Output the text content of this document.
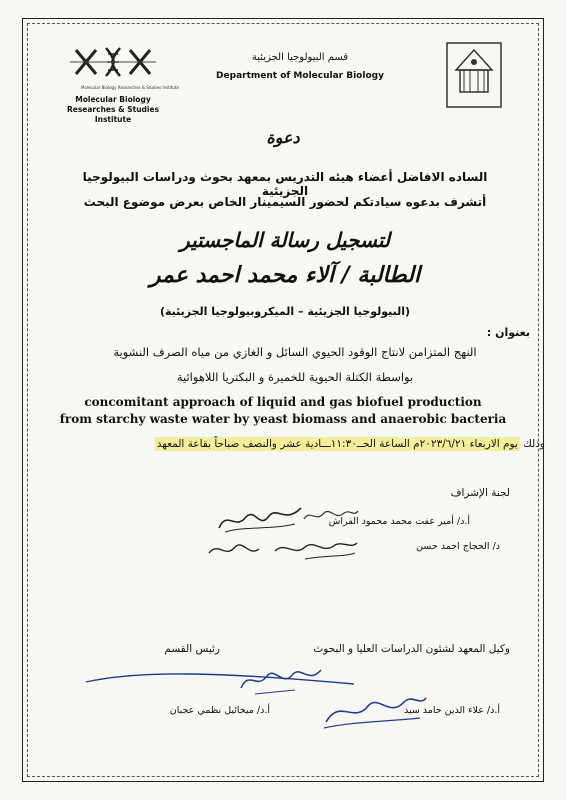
Molecular Biology Researches & Studies Institute
Molecular Biology Researches & Studies Institute
قسم البيولوجيا الجزيئية
Department of Molecular Biology
دعوة
الساده الافاضل أعضاء هيئه التدريس بمعهد بحوث ودراسات البيولوجيا الجزيئية
أتشرف بدعوه سيادتكم لحضور السيمينار الخاص بعرض موضوع البحث
لتسجيل رسالة الماجستير
الطالبة / آلاء محمد احمد عمر
(البيولوجيا الجزيئية – الميكروبيولوجيا الجزيئية)
بعنوان :
النهج المتزامن لانتاج الوقود الحيوي السائل و الغازي من مياه الصرف النشوية
بواسطة الكتلة الحيوية للخميرة و البكتريا اللاهوائية
concomitant approach of liquid and gas biofuel production
from starchy waste water by yeast biomass and anaerobic bacteria
وذلك يوم الاربعاء ٢٠٢٣/٦/٢١م الساعة الحــ١١:٣٠ـــادية عشر والنصف صباحاً بقاعة المعهد
لجنة الإشراف
أ.د/ أمير عفت محمد محمود الفراش
د/ الحجاج احمد حسن
وكيل المعهد لشئون الدراسات العليا و البحوث
رئيس القسم
أ.د/ علاء الدين حامد سيد
أ.د/ ميخائيل نظمي عجبان
